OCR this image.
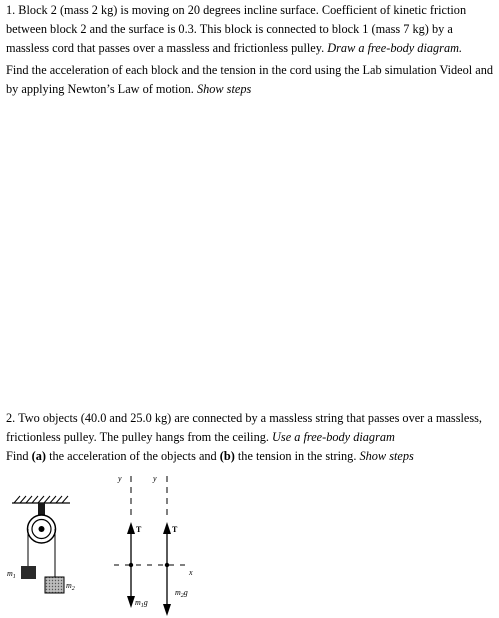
1. Block 2 (mass 2 kg) is moving on 20 degrees incline surface. Coefficient of kinetic friction between block 2 and the surface is 0.3. This block is connected to block 1 (mass 7 kg) by a massless cord that passes over a massless and frictionless pulley. Draw a free-body diagram.
Find the acceleration of each block and the tension in the cord using the Lab simulation Videol and by applying Newton’s Law of motion. Show steps
2. Two objects (40.0 and 25.0 kg) are connected by a massless string that passes over a massless, frictionless pulley. The pulley hangs from the ceiling. Use a free-body diagram
Find (a) the acceleration of the objects and (b) the tension in the string. Show steps
$m_1$
$m_2$
y	y
x
T
$m_1g$
T
$m_2g$
